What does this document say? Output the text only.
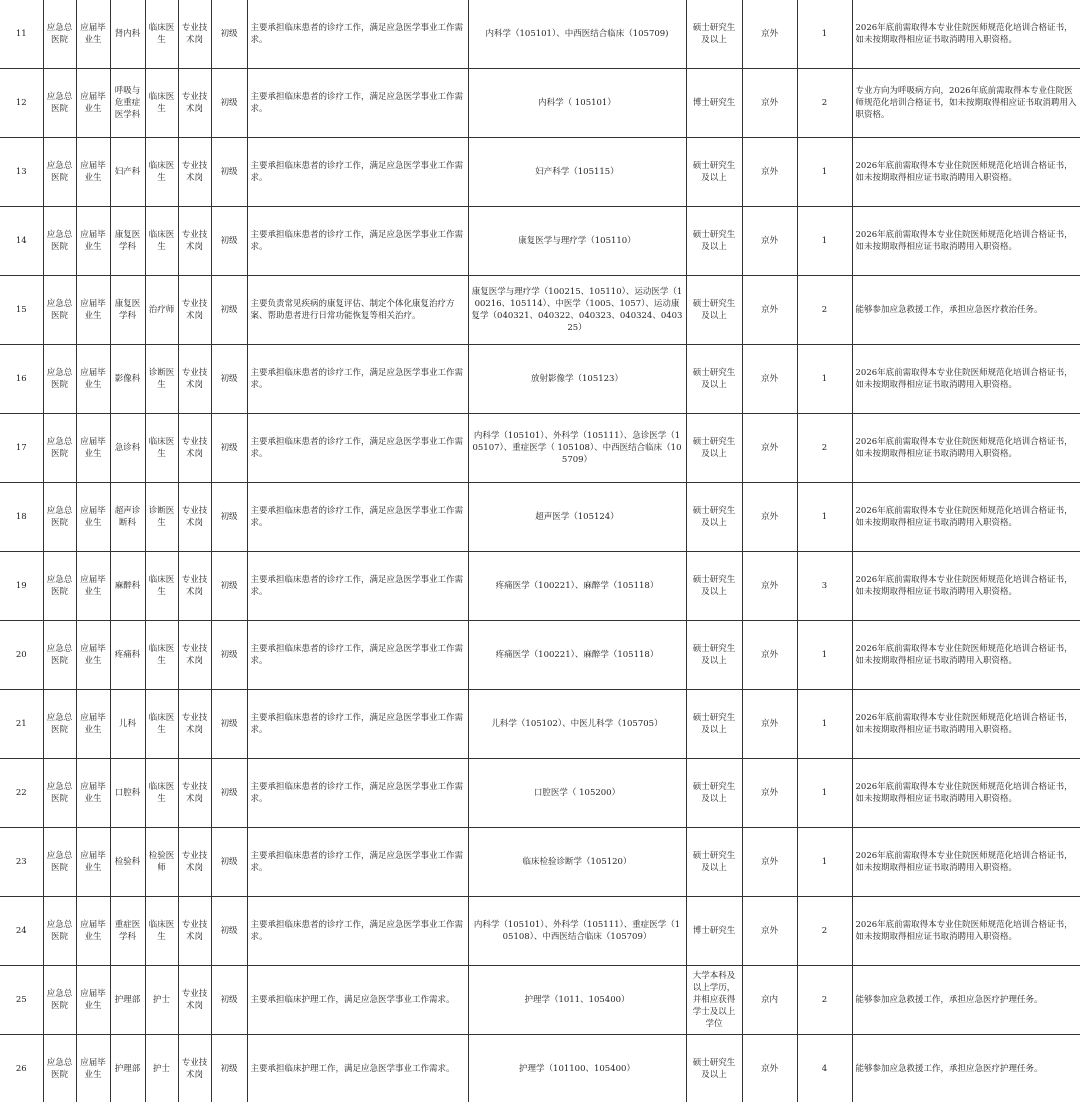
11	应急总医院	应届毕业生	肾内科	临床医生	专业技术岗	初级	主要承担临床患者的诊疗工作，满足应急医学事业工作需求。	内科学（105101）、中西医结合临床（105709)	硕士研究生及以上	京外	1	2026年底前需取得本专业住院医师规范化培训合格证书，如未按期取得相应证书取消聘用入职资格。
12	应急总医院	应届毕业生	呼吸与危重症医学科	临床医生	专业技术岗	初级	主要承担临床患者的诊疗工作，满足应急医学事业工作需求。	内科学（ 105101）	博士研究生	京外	2	专业方向为呼吸病方向，2026年底前需取得本专业住院医师规范化培训合格证书，如未按期取得相应证书取消聘用入职资格。
13	应急总医院	应届毕业生	妇产科	临床医生	专业技术岗	初级	主要承担临床患者的诊疗工作，满足应急医学事业工作需求。	妇产科学（105115）	硕士研究生及以上	京外	1	2026年底前需取得本专业住院医师规范化培训合格证书，如未按期取得相应证书取消聘用入职资格。
14	应急总医院	应届毕业生	康复医学科	临床医生	专业技术岗	初级	主要承担临床患者的诊疗工作，满足应急医学事业工作需求。	康复医学与理疗学（105110）	硕士研究生及以上	京外	1	2026年底前需取得本专业住院医师规范化培训合格证书，如未按期取得相应证书取消聘用入职资格。
15	应急总医院	应届毕业生	康复医学科	治疗师	专业技术岗	初级	主要负责常见疾病的康复评估、制定个体化康复治疗方案、帮助患者进行日常功能恢复等相关治疗。	康复医学与理疗学（100215、105110）、运动医学（100216、105114）、中医学（1005、1057）、运动康复学（040321、040322、040323、040324、040325）	硕士研究生及以上	京外	2	能够参加应急救援工作，承担应急医疗救治任务。
16	应急总医院	应届毕业生	影像科	诊断医生	专业技术岗	初级	主要承担临床患者的诊疗工作，满足应急医学事业工作需求。	放射影像学（105123）	硕士研究生及以上	京外	1	2026年底前需取得本专业住院医师规范化培训合格证书，如未按期取得相应证书取消聘用入职资格。
17	应急总医院	应届毕业生	急诊科	临床医生	专业技术岗	初级	主要承担临床患者的诊疗工作，满足应急医学事业工作需求。	内科学（105101）、外科学（105111）、急诊医学（105107）、重症医学（ 105108）、中西医结合临床（105709）	硕士研究生及以上	京外	2	2026年底前需取得本专业住院医师规范化培训合格证书，如未按期取得相应证书取消聘用入职资格。
18	应急总医院	应届毕业生	超声诊断科	诊断医生	专业技术岗	初级	主要承担临床患者的诊疗工作，满足应急医学事业工作需求。	超声医学（105124）	硕士研究生及以上	京外	1	2026年底前需取得本专业住院医师规范化培训合格证书，如未按期取得相应证书取消聘用入职资格。
19	应急总医院	应届毕业生	麻醉科	临床医生	专业技术岗	初级	主要承担临床患者的诊疗工作，满足应急医学事业工作需求。	疼痛医学（100221）、麻醉学（105118）	硕士研究生及以上	京外	3	2026年底前需取得本专业住院医师规范化培训合格证书，如未按期取得相应证书取消聘用入职资格。
20	应急总医院	应届毕业生	疼痛科	临床医生	专业技术岗	初级	主要承担临床患者的诊疗工作，满足应急医学事业工作需求。	疼痛医学（100221）、麻醉学（105118）	硕士研究生及以上	京外	1	2026年底前需取得本专业住院医师规范化培训合格证书，如未按期取得相应证书取消聘用入职资格。
21	应急总医院	应届毕业生	儿科	临床医生	专业技术岗	初级	主要承担临床患者的诊疗工作，满足应急医学事业工作需求。	儿科学（105102）、中医儿科学（105705）	硕士研究生及以上	京外	1	2026年底前需取得本专业住院医师规范化培训合格证书，如未按期取得相应证书取消聘用入职资格。
22	应急总医院	应届毕业生	口腔科	临床医生	专业技术岗	初级	主要承担临床患者的诊疗工作，满足应急医学事业工作需求。	口腔医学（ 105200）	硕士研究生及以上	京外	1	2026年底前需取得本专业住院医师规范化培训合格证书，如未按期取得相应证书取消聘用入职资格。
23	应急总医院	应届毕业生	检验科	检验医师	专业技术岗	初级	主要承担临床患者的诊疗工作，满足应急医学事业工作需求。	临床检验诊断学（105120）	硕士研究生及以上	京外	1	2026年底前需取得本专业住院医师规范化培训合格证书，如未按期取得相应证书取消聘用入职资格。
24	应急总医院	应届毕业生	重症医学科	临床医生	专业技术岗	初级	主要承担临床患者的诊疗工作，满足应急医学事业工作需求。	内科学（105101）、外科学（105111）、重症医学（105108）、中西医结合临床（105709）	博士研究生	京外	2	2026年底前需取得本专业住院医师规范化培训合格证书，如未按期取得相应证书取消聘用入职资格。
25	应急总医院	应届毕业生	护理部	护士	专业技术岗	初级	主要承担临床护理工作，满足应急医学事业工作需求。	护理学（1011、105400）	大学本科及以上学历，并相应获得学士及以上学位	京内	2	能够参加应急救援工作，承担应急医疗护理任务。
26	应急总医院	应届毕业生	护理部	护士	专业技术岗	初级	主要承担临床护理工作，满足应急医学事业工作需求。	护理学（101100、105400）	硕士研究生及以上	京外	4	能够参加应急救援工作，承担应急医疗护理任务。
